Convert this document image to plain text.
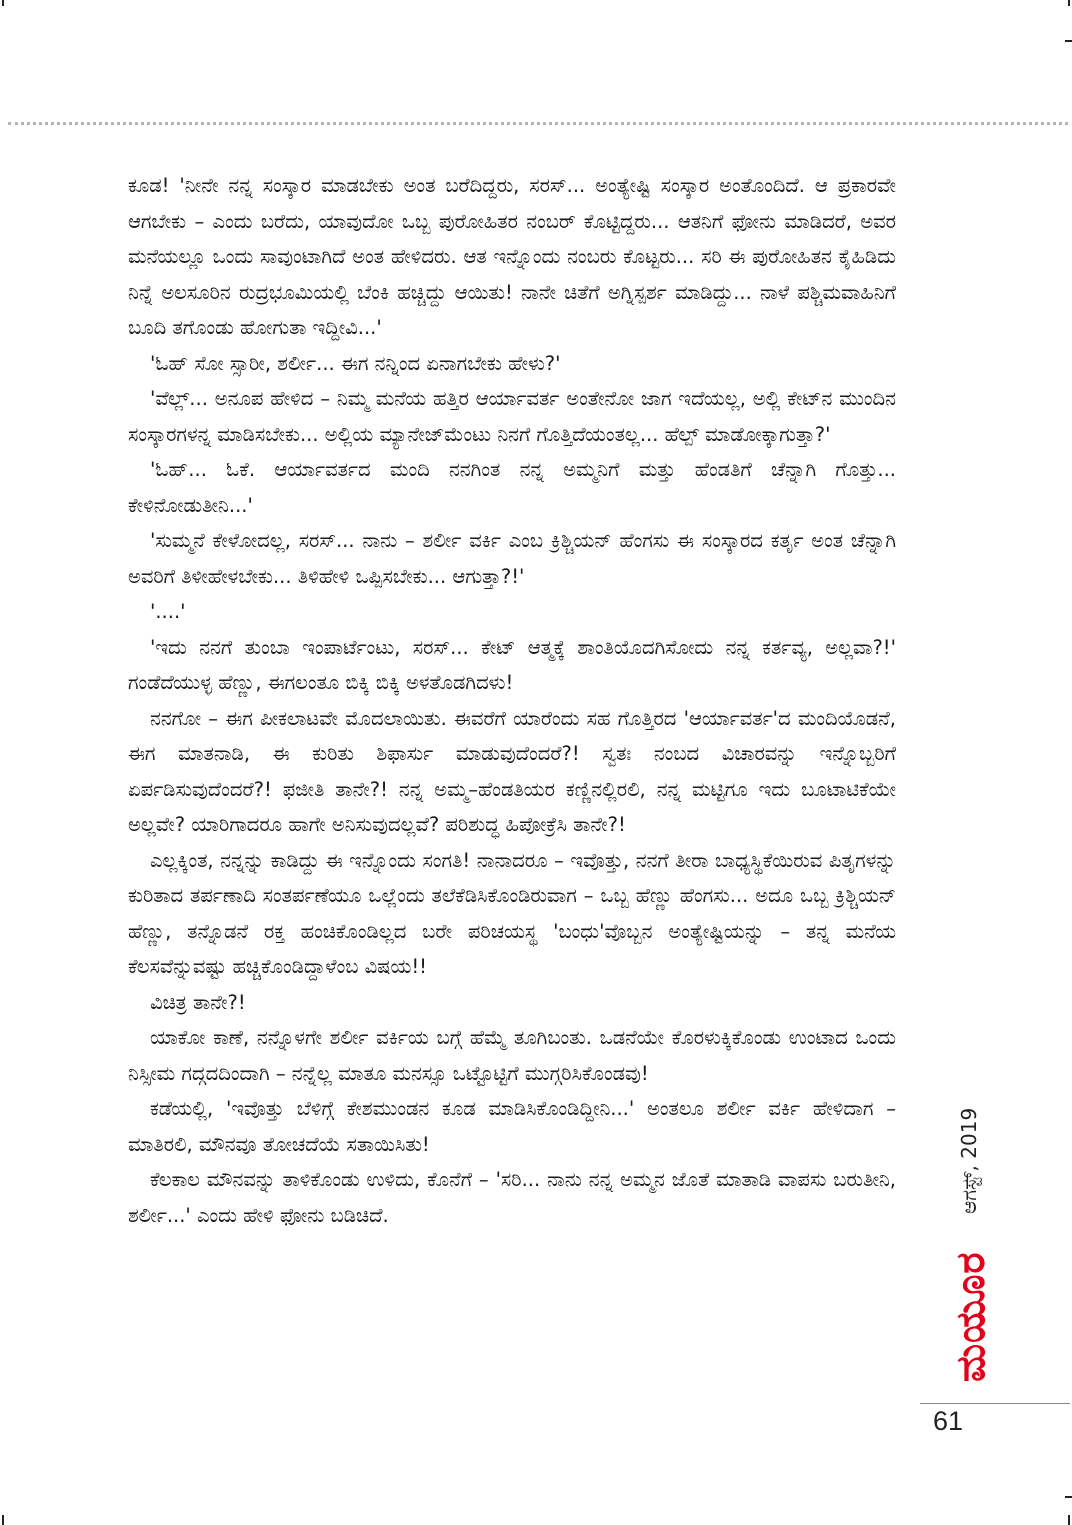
ಕೂಡ! 'ನೀನೇ ನನ್ನ ಸಂಸ್ಕಾರ ಮಾಡಬೇಕು ಅಂತ ಬರೆದಿದ್ದರು, ಸರಸ್... ಅಂತ್ಯೇಷ್ಟಿ ಸಂಸ್ಕಾರ ಅಂತೊಂದಿದೆ. ಆ ಪ್ರಕಾರವೇ ಆಗಬೇಕು – ಎಂದು ಬರೆದು, ಯಾವುದೋ ಒಬ್ಬ ಪುರೋಹಿತರ ನಂಬರ್ ಕೊಟ್ಟಿದ್ದರು... ಆತನಿಗೆ ಫೋನು ಮಾಡಿದರೆ, ಅವರ ಮನೆಯಲ್ಲೂ ಒಂದು ಸಾವುಂಟಾಗಿದೆ ಅಂತ ಹೇಳಿದರು. ಆತ ಇನ್ನೊಂದು ನಂಬರು ಕೊಟ್ಟರು... ಸರಿ ಈ ಪುರೋಹಿತನ ಕೈಹಿಡಿದು ನಿನ್ನೆ ಅಲಸೂರಿನ ರುದ್ರಭೂಮಿಯಲ್ಲಿ ಬೆಂಕಿ ಹಚ್ಚಿದ್ದು ಆಯಿತು! ನಾನೇ ಚಿತೆಗೆ ಅಗ್ನಿಸ್ಪರ್ಶ ಮಾಡಿದ್ದು... ನಾಳೆ ಪಶ್ಚಿಮವಾಹಿನಿಗೆ ಬೂದಿ ತಗೊಂಡು ಹೋಗುತಾ ಇದ್ದೀವಿ...'

'ಓಹ್ ಸೋ ಸ್ಸಾರೀ, ಶರ್ಲೀ... ಈಗ ನನ್ನಿಂದ ಏನಾಗಬೇಕು ಹೇಳು?'

'ವೆಲ್ಲ್... ಅನೂಪ ಹೇಳಿದ – ನಿಮ್ಮ ಮನೆಯ ಹತ್ತಿರ ಆರ್ಯಾವರ್ತ ಅಂತೇನೋ ಜಾಗ ಇದೆಯಲ್ಲ, ಅಲ್ಲಿ ಕೇಟ್‌ನ ಮುಂದಿನ ಸಂಸ್ಕಾರಗಳನ್ನ ಮಾಡಿಸಬೇಕು... ಅಲ್ಲಿಯ ಮ್ಯಾನೇಜ್‌ಮೆಂಟು ನಿನಗೆ ಗೊತ್ತಿದೆಯಂತಲ್ಲ... ಹೆಲ್ಪ್ ಮಾಡೋಕ್ಕಾಗುತ್ತಾ?'

'ಓಹ್... ಓಕೆ. ಆರ್ಯಾವರ್ತದ ಮಂದಿ ನನಗಿಂತ ನನ್ನ ಅಮ್ಮನಿಗೆ ಮತ್ತು ಹೆಂಡತಿಗೆ ಚೆನ್ನಾಗಿ ಗೊತ್ತು... ಕೇಳಿನೋಡುತೀನಿ...'

'ಸುಮ್ಮನೆ ಕೇಳೋದಲ್ಲ, ಸರಸ್... ನಾನು – ಶರ್ಲೀ ವರ್ಕಿ ಎಂಬ ಕ್ರಿಶ್ಚಿಯನ್ ಹೆಂಗಸು ಈ ಸಂಸ್ಕಾರದ ಕರ್ತೃ ಅಂತ ಚೆನ್ನಾಗಿ ಅವರಿಗೆ ತಿಳೀಹೇಳಬೇಕು... ತಿಳಿಹೇಳಿ ಒಪ್ಪಿಸಬೇಕು... ಆಗುತ್ತಾ?!'

'....'

'ಇದು ನನಗೆ ತುಂಬಾ ಇಂಪಾರ್ಟೆಂಟು, ಸರಸ್... ಕೇಟ್ ಆತ್ಮಕ್ಕೆ ಶಾಂತಿಯೊದಗಿಸೋದು ನನ್ನ ಕರ್ತವ್ಯ, ಅಲ್ಲವಾ?!' ಗಂಡೆದೆಯುಳ್ಳ ಹೆಣ್ಣು, ಈಗಲಂತೂ ಬಿಕ್ಕಿ ಬಿಕ್ಕಿ ಅಳತೊಡಗಿದಳು!

ನನಗೋ – ಈಗ ಪೀಕಲಾಟವೇ ಮೊದಲಾಯಿತು. ಈವರೆಗೆ ಯಾರೆಂದು ಸಹ ಗೊತ್ತಿರದ 'ಆರ್ಯಾವರ್ತ'ದ ಮಂದಿಯೊಡನೆ, ಈಗ ಮಾತನಾಡಿ, ಈ ಕುರಿತು ಶಿಫಾರ್ಸು ಮಾಡುವುದೆಂದರೆ?! ಸ್ವತಃ ನಂಬದ ವಿಚಾರವನ್ನು ಇನ್ನೊಬ್ಬರಿಗೆ ಏರ್ಪಡಿಸುವುದೆಂದರೆ?! ಫಜೀತಿ ತಾನೇ?! ನನ್ನ ಅಮ್ಮ–ಹೆಂಡತಿಯರ ಕಣ್ಣಿನಲ್ಲಿರಲಿ, ನನ್ನ ಮಟ್ಟಿಗೂ ಇದು ಬೂಟಾಟಿಕೆಯೇ ಅಲ್ಲವೇ? ಯಾರಿಗಾದರೂ ಹಾಗೇ ಅನಿಸುವುದಲ್ಲವೆ? ಪರಿಶುದ್ಧ ಹಿಪೋಕ್ರೆಸಿ ತಾನೇ?!

ಎಲ್ಲಕ್ಕಿಂತ, ನನ್ನನ್ನು ಕಾಡಿದ್ದು ಈ ಇನ್ನೊಂದು ಸಂಗತಿ! ನಾನಾದರೂ – ಇವೊತ್ತು, ನನಗೆ ತೀರಾ ಬಾಧ್ಯಸ್ಥಿಕೆಯಿರುವ ಪಿತೃಗಳನ್ನು ಕುರಿತಾದ ತರ್ಪಣಾದಿ ಸಂತರ್ಪಣೆಯೂ ಒಲ್ಲೆಂದು ತಲೆಕೆಡಿಸಿಕೊಂಡಿರುವಾಗ – ಒಬ್ಬ ಹೆಣ್ಣು ಹೆಂಗಸು... ಅದೂ ಒಬ್ಬ ಕ್ರಿಶ್ಚಿಯನ್ ಹೆಣ್ಣು, ತನ್ನೊಡನೆ ರಕ್ತ ಹಂಚಿಕೊಂಡಿಲ್ಲದ ಬರೇ ಪರಿಚಯಸ್ಥ 'ಬಂಧು'ವೊಬ್ಬನ ಅಂತ್ಯೇಷ್ಟಿಯನ್ನು – ತನ್ನ ಮನೆಯ ಕೆಲಸವೆನ್ನುವಷ್ಟು ಹಚ್ಚಿಕೊಂಡಿದ್ದಾಳೆಂಬ ವಿಷಯ!!

ವಿಚಿತ್ರ ತಾನೇ?!

ಯಾಕೋ ಕಾಣೆ, ನನ್ನೊಳಗೇ ಶರ್ಲೀ ವರ್ಕಿಯ ಬಗ್ಗೆ ಹೆಮ್ಮೆ ತೂಗಿಬಂತು. ಒಡನೆಯೇ ಕೊರಳುಕ್ಕಿಕೊಂಡು ಉಂಟಾದ ಒಂದು ನಿಸ್ಸೀಮ ಗದ್ಗದದಿಂದಾಗಿ – ನನ್ನೆಲ್ಲ ಮಾತೂ ಮನಸ್ಸೂ ಒಟ್ಟೊಟ್ಟಿಗೆ ಮುಗ್ಗರಿಸಿಕೊಂಡವು!

ಕಡೆಯಲ್ಲಿ, 'ಇವೊತ್ತು ಬೆಳಿಗ್ಗೆ ಕೇಶಮುಂಡನ ಕೂಡ ಮಾಡಿಸಿಕೊಂಡಿದ್ದೀನಿ...' ಅಂತಲೂ ಶರ್ಲೀ ವರ್ಕಿ ಹೇಳಿದಾಗ – ಮಾತಿರಲಿ, ಮೌನವೂ ತೋಚದೆಯೆ ಸತಾಯಿಸಿತು!

ಕೆಲಕಾಲ ಮೌನವನ್ನು ತಾಳಿಕೊಂಡು ಉಳಿದು, ಕೊನೆಗೆ – 'ಸರಿ... ನಾನು ನನ್ನ ಅಮ್ಮನ ಜೊತೆ ಮಾತಾಡಿ ವಾಪಸು ಬರುತೀನಿ, ಶರ್ಲೀ...' ಎಂದು ಹೇಳಿ ಫೋನು ಬಡಿಚಿದೆ.

ಆಗಸ್ಟ್, 2019
ಮಯೂರ
61
